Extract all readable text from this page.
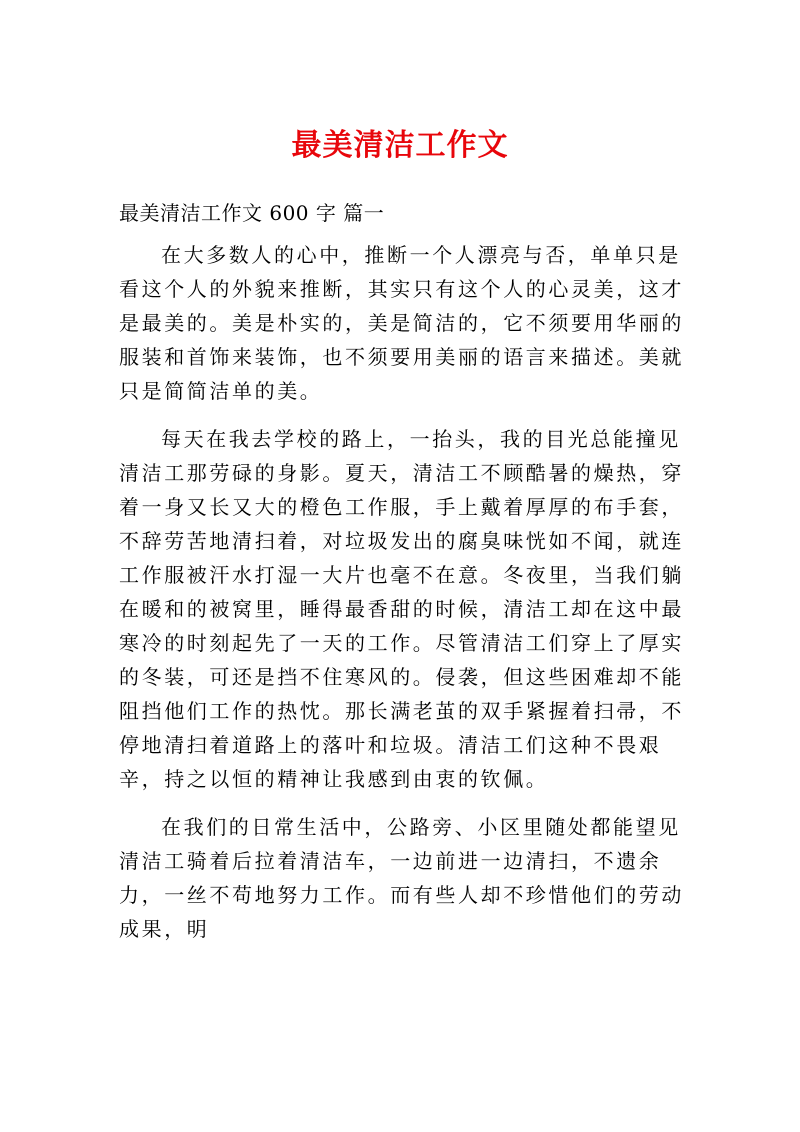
最美清洁工作文
最美清洁工作文 600 字 篇一

在大多数人的心中，推断一个人漂亮与否，单单只是看这个人的外貌来推断，其实只有这个人的心灵美，这才是最美的。美是朴实的，美是简洁的，它不须要用华丽的服装和首饰来装饰，也不须要用美丽的语言来描述。美就只是简简洁单的美。

每天在我去学校的路上，一抬头，我的目光总能撞见清洁工那劳碌的身影。夏天，清洁工不顾酷暑的燥热，穿着一身又长又大的橙色工作服，手上戴着厚厚的布手套，不辞劳苦地清扫着，对垃圾发出的腐臭味恍如不闻，就连工作服被汗水打湿一大片也毫不在意。冬夜里，当我们躺在暖和的被窝里，睡得最香甜的时候，清洁工却在这中最寒冷的时刻起先了一天的工作。尽管清洁工们穿上了厚实的冬装，可还是挡不住寒风的。侵袭，但这些困难却不能阻挡他们工作的热忱。那长满老茧的双手紧握着扫帚，不停地清扫着道路上的落叶和垃圾。清洁工们这种不畏艰辛，持之以恒的精神让我感到由衷的钦佩。

在我们的日常生活中，公路旁、小区里随处都能望见清洁工骑着后拉着清洁车，一边前进一边清扫，不遗余力，一丝不苟地努力工作。而有些人却不珍惜他们的劳动成果，明
